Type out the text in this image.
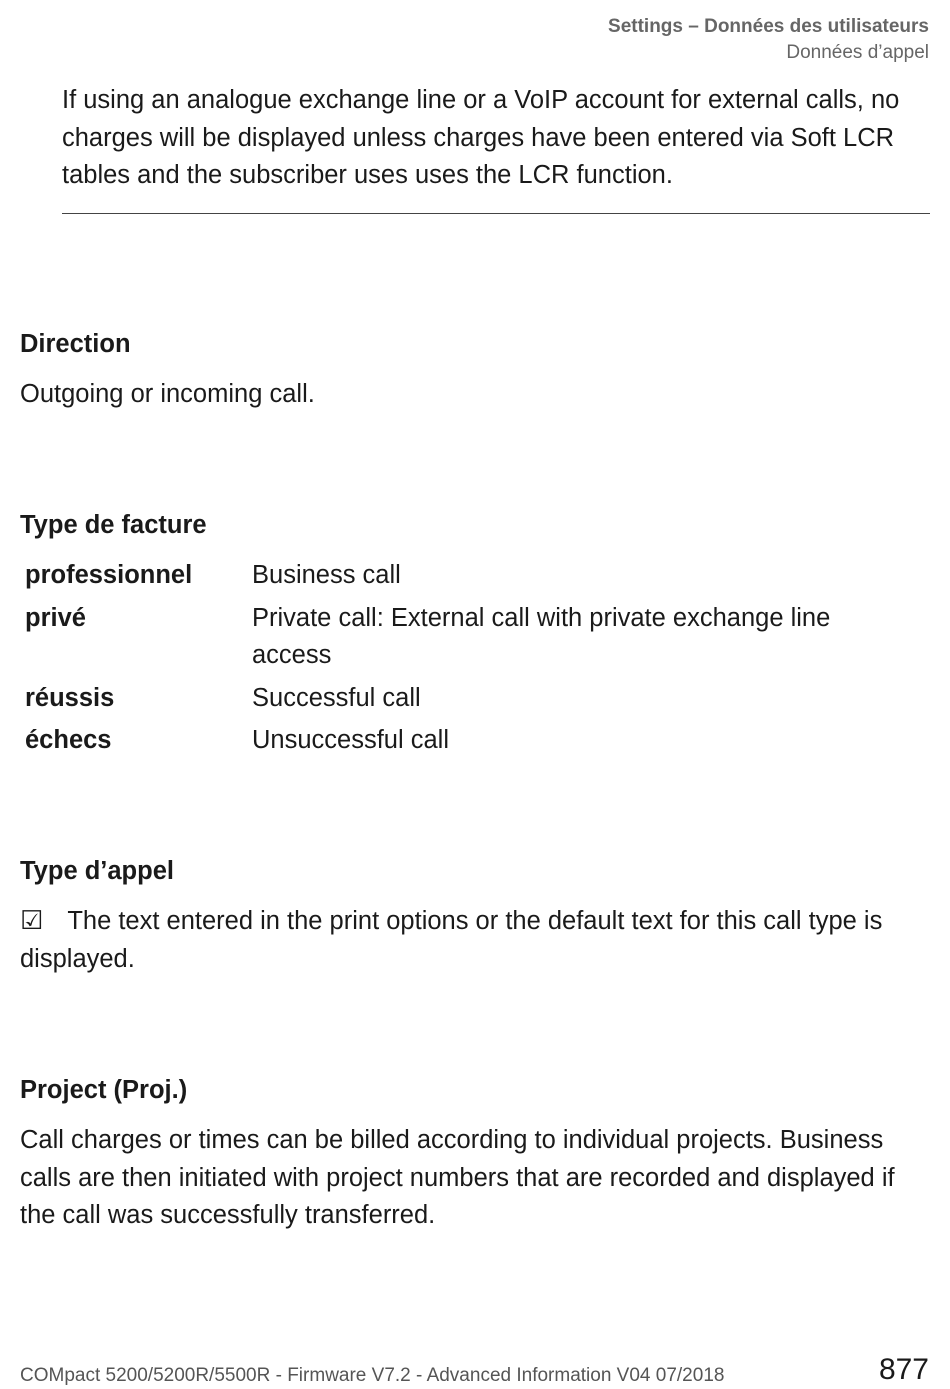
Settings – Données des utilisateurs
Données d’appel
If using an analogue exchange line or a VoIP account for external calls, no charges will be displayed unless charges have been entered via Soft LCR tables and the subscriber uses uses the LCR function.
Direction
Outgoing or incoming call.
Type de facture
professionnel	Business call
privé	Private call: External call with private exchange line access
réussis	Successful call
échecs	Unsuccessful call
Type d’appel
☑ The text entered in the print options or the default text for this call type is displayed.
Project (Proj.)
Call charges or times can be billed according to individual projects. Business calls are then initiated with project numbers that are recorded and displayed if the call was successfully transferred.
COMpact 5200/5200R/5500R - Firmware V7.2 - Advanced Information V04 07/2018	877
